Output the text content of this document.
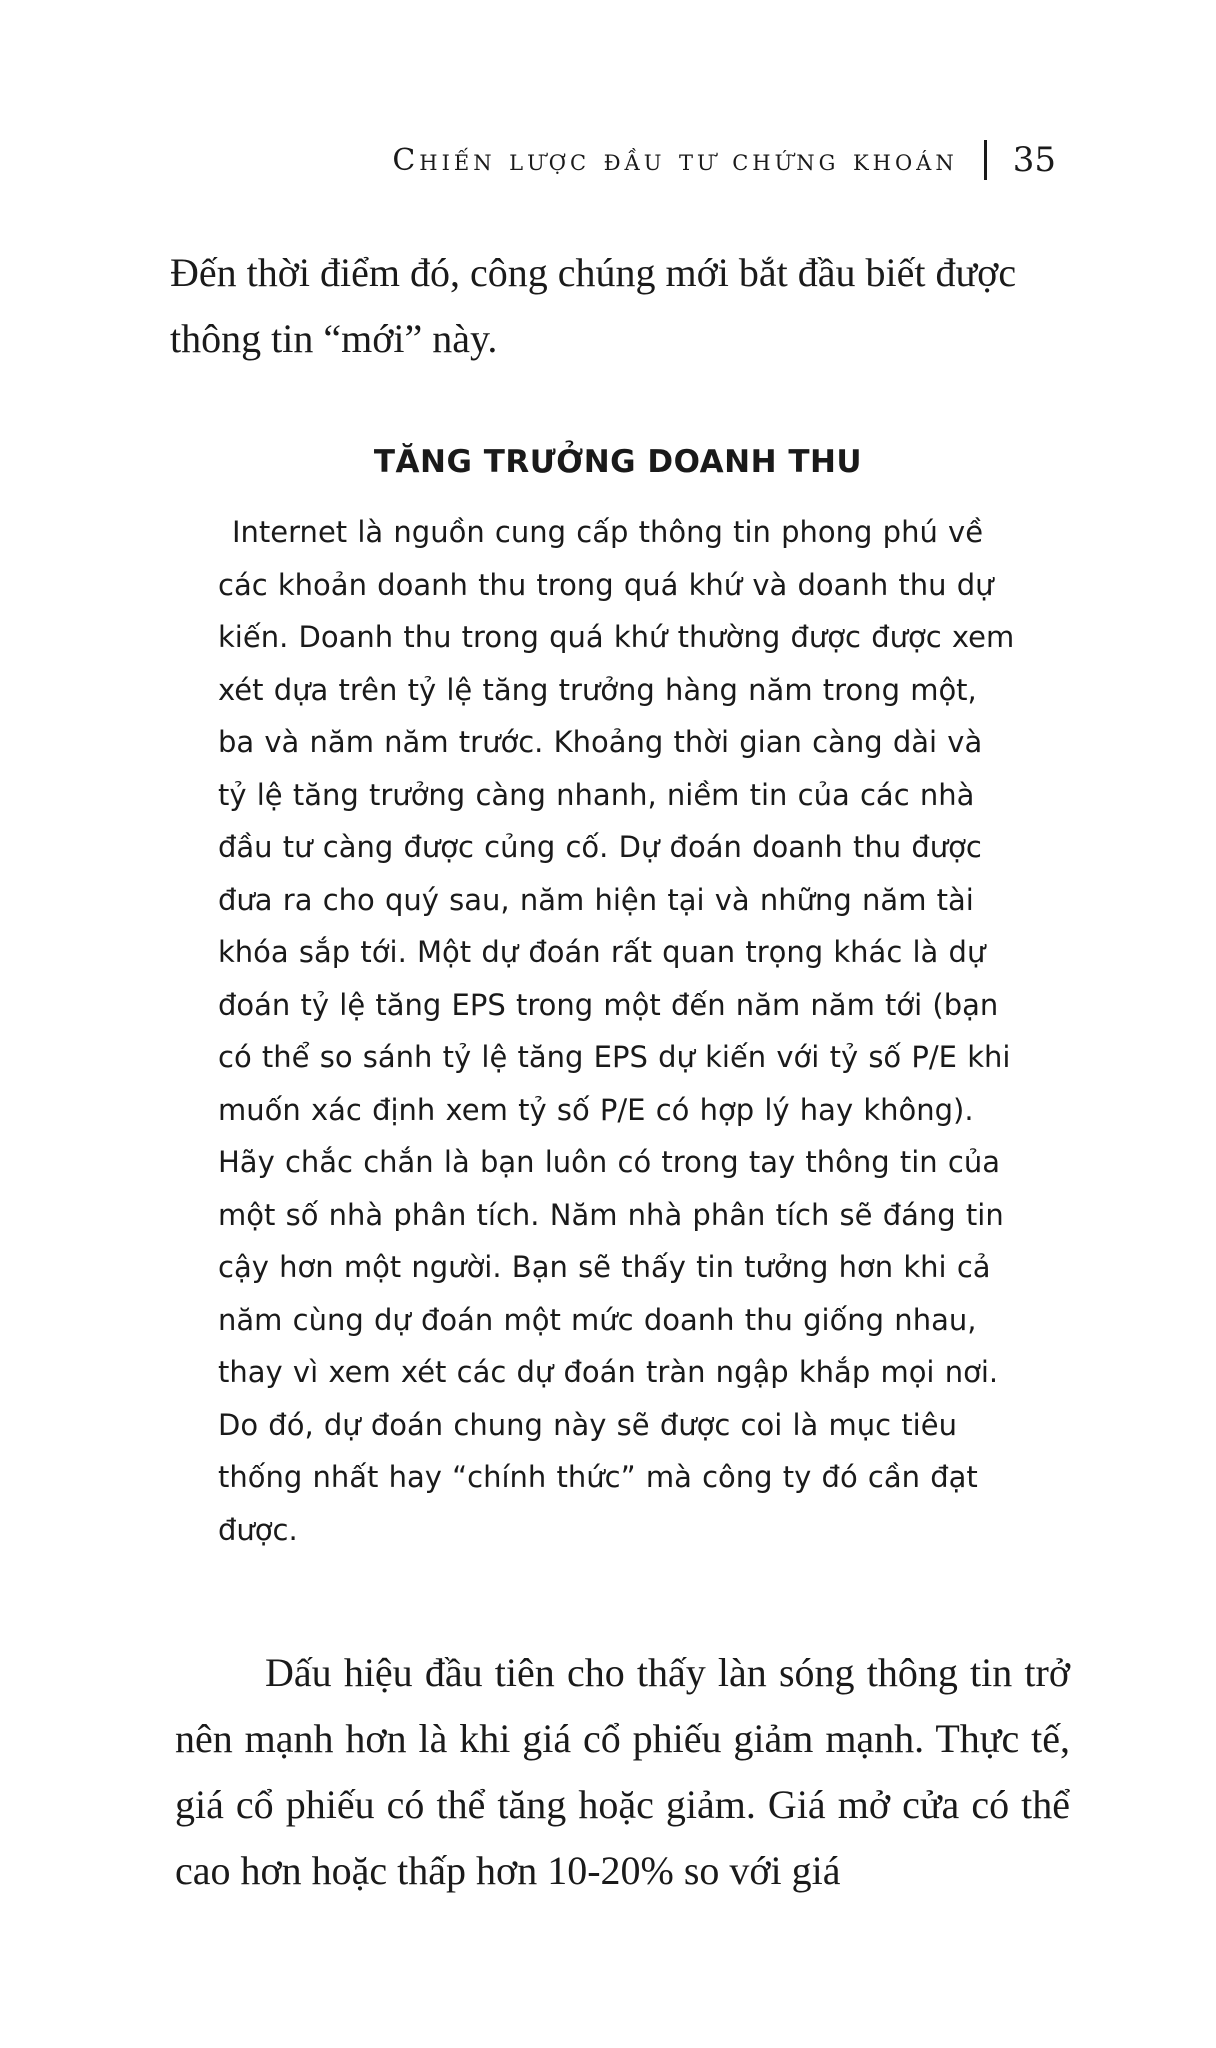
Chiến lược đầu tư chứng khoán 35

Đến thời điểm đó, công chúng mới bắt đầu biết được thông tin “mới” này.

TĂNG TRƯỞNG DOANH THU

Internet là nguồn cung cấp thông tin phong phú về các khoản doanh thu trong quá khứ và doanh thu dự kiến. Doanh thu trong quá khứ thường được được xem xét dựa trên tỷ lệ tăng trưởng hàng năm trong một, ba và năm năm trước. Khoảng thời gian càng dài và tỷ lệ tăng trưởng càng nhanh, niềm tin của các nhà đầu tư càng được củng cố. Dự đoán doanh thu được đưa ra cho quý sau, năm hiện tại và những năm tài khóa sắp tới. Một dự đoán rất quan trọng khác là dự đoán tỷ lệ tăng EPS trong một đến năm năm tới (bạn có thể so sánh tỷ lệ tăng EPS dự kiến với tỷ số P/E khi muốn xác định xem tỷ số P/E có hợp lý hay không). Hãy chắc chắn là bạn luôn có trong tay thông tin của một số nhà phân tích. Năm nhà phân tích sẽ đáng tin cậy hơn một người. Bạn sẽ thấy tin tưởng hơn khi cả năm cùng dự đoán một mức doanh thu giống nhau, thay vì xem xét các dự đoán tràn ngập khắp mọi nơi. Do đó, dự đoán chung này sẽ được coi là mục tiêu thống nhất hay “chính thức” mà công ty đó cần đạt được.

Dấu hiệu đầu tiên cho thấy làn sóng thông tin trở nên mạnh hơn là khi giá cổ phiếu giảm mạnh. Thực tế, giá cổ phiếu có thể tăng hoặc giảm. Giá mở cửa có thể cao hơn hoặc thấp hơn 10-20% so với giá
